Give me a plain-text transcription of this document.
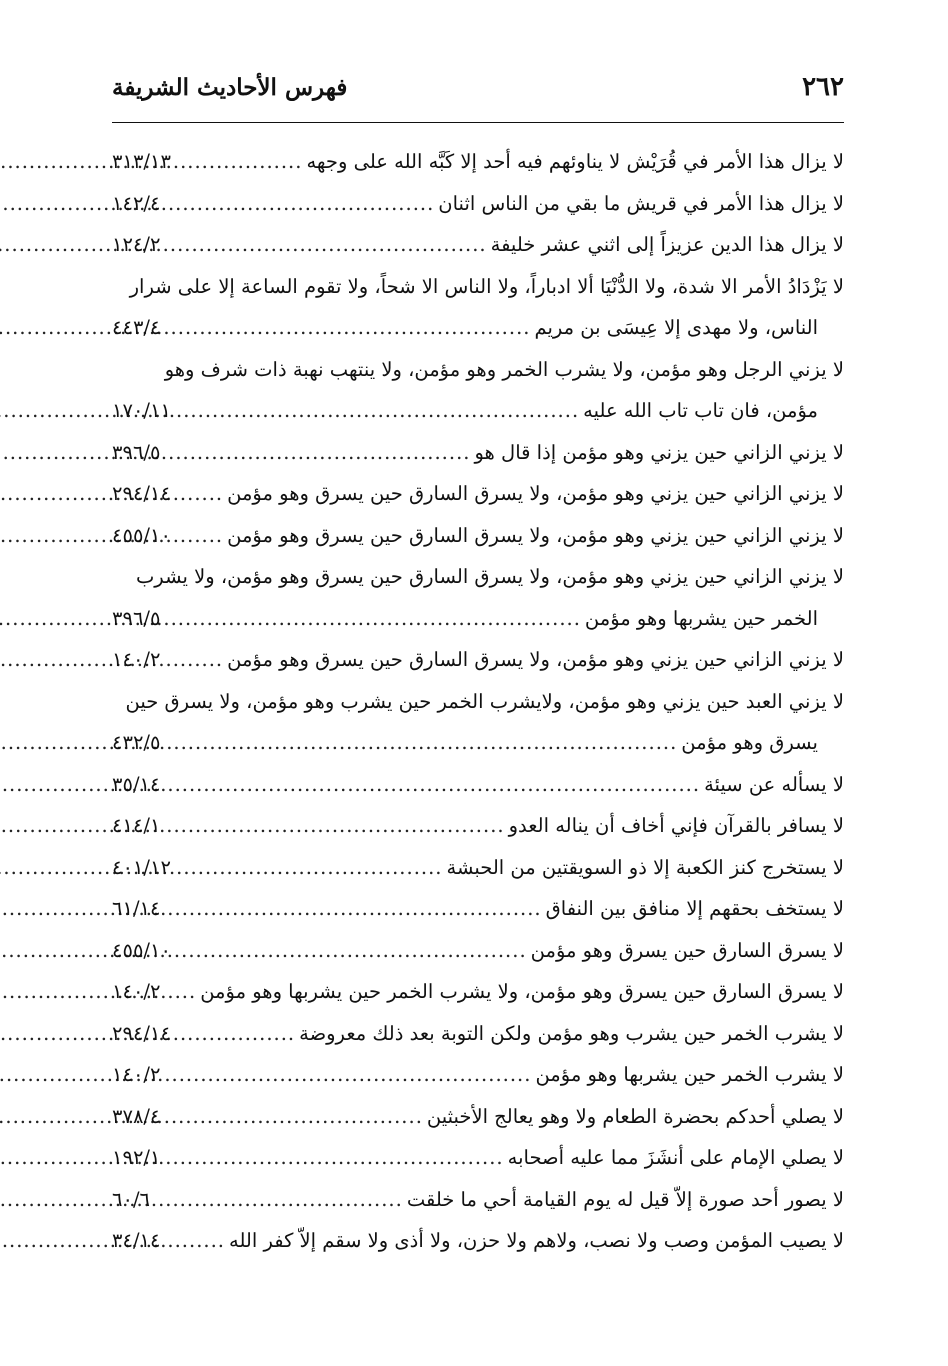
٢٦٢
فهرس الأحاديث الشريفة
لا يزال هذا الأمر في قُرَيْش لا يناوئهم فيه أحد إلا كَبَّه الله على وجهه
.....
٣١٣/١٣
لا يزال هذا الأمر في قريش ما بقي من الناس اثنان
.....
١٤٢/٤
لا يزال هذا الدين عزيزاً إلى اثني عشر خليفة
.....
١٢٤/٢
لا يَزْدَادُ الأمر الا شدة، ولا الدُّنْيَا ألا ادباراً، ولا الناس الا شحاً، ولا تقوم الساعة إلا على شرار
الناس، ولا مهدى إلا عِيسَى بن مريم
.....
٤٤٣/٤
لا يزني الرجل وهو مؤمن، ولا يشرب الخمر وهو مؤمن، ولا ينتهب نهبة ذات شرف وهو
مؤمن، فان تاب تاب الله عليه
.....
١٧٠/١١
لا يزني الزاني حين يزني وهو مؤمن إذا قال هو
.....
٣٩٦/٥
لا يزني الزاني حين يزني وهو مؤمن، ولا يسرق السارق حين يسرق وهو مؤمن
.....
٢٩٤/١٤
لا يزني الزاني حين يزني وهو مؤمن، ولا يسرق السارق حين يسرق وهو مؤمن
.....
٤٥٥/١٠
لا يزني الزاني حين يزني وهو مؤمن، ولا يسرق السارق حين يسرق وهو مؤمن، ولا يشرب
الخمر حين يشربها وهو مؤمن
.....
٣٩٦/٥
لا يزني الزاني حين يزني وهو مؤمن، ولا يسرق السارق حين يسرق وهو مؤمن
.....
١٤٠/٢
لا يزني العبد حين يزني وهو مؤمن، ولايشرب الخمر حين يشرب وهو مؤمن، ولا يسرق حين
يسرق وهو مؤمن
.....
٤٣٢/٥
لا يسأله عن سيئة
.....
٣٥/١٤
لا يسافر بالقرآن فإني أخاف أن يناله العدو
.....
٤١٤/١
لا يستخرج كنز الكعبة إلا ذو السويقتين من الحبشة
.....
٤٠١/١٢
لا يستخف بحقهم إلا منافق بين النفاق
.....
٦١/١٤
لا يسرق السارق حين يسرق وهو مؤمن
.....
٤٥٥/١٠
لا يسرق السارق حين يسرق وهو مؤمن، ولا يشرب الخمر حين يشربها وهو مؤمن
.....
١٤٠/٢
لا يشرب الخمر حين يشرب وهو مؤمن ولكن التوبة بعد ذلك معروضة
.....
٢٩٤/١٤
لا يشرب الخمر حين يشربها وهو مؤمن
.....
١٤٠/٢
لا يصلي أحدكم بحضرة الطعام ولا وهو يعالج الأخبثين
.....
٣٧٨/٤
لا يصلي الإمام على أنشَزَ مما عليه أصحابه
.....
١٩٢/١
لا يصور أحد صورة إلاّ قيل له يوم القيامة أحي ما خلقت
.....
٦٠/٦
لا يصيب المؤمن وصب ولا نصب، ولاهم ولا حزن، ولا أذى ولا سقم إلاّ كفر الله
.....
٣٤/١٤
